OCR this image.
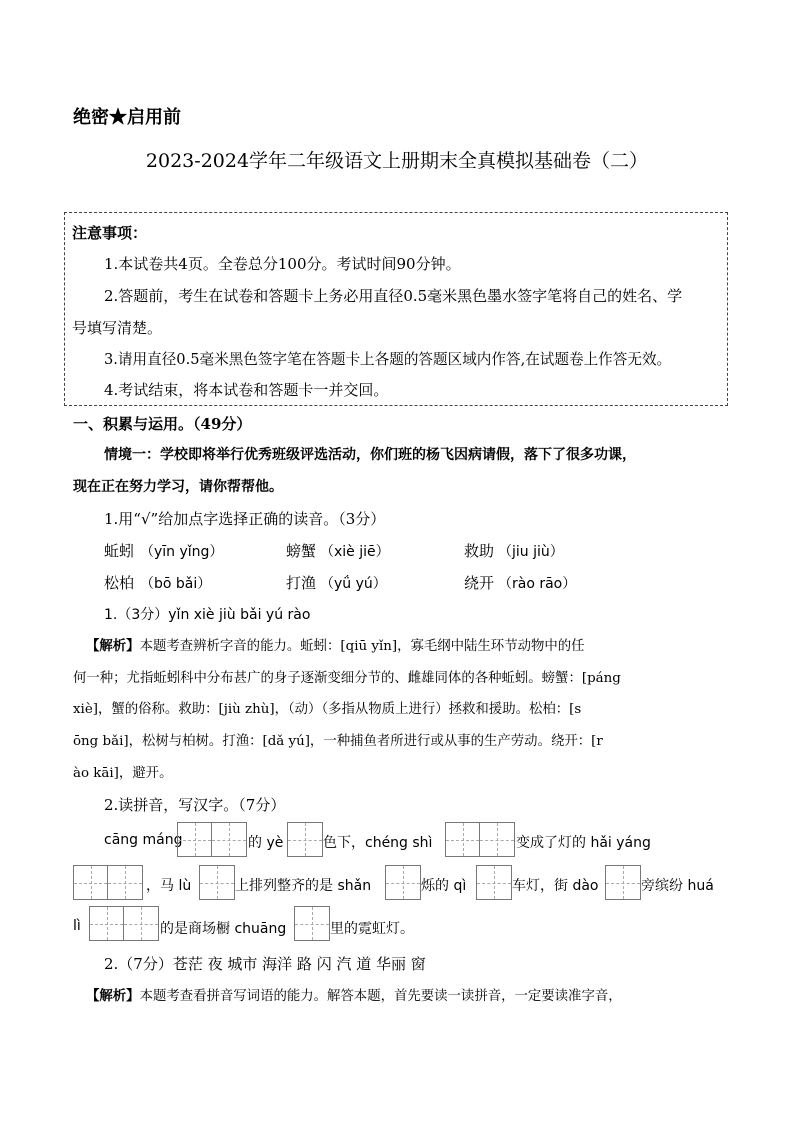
绝密★启用前
2023-2024学年二年级语文上册期末全真模拟基础卷（二）
注意事项：
1.本试卷共4页。全卷总分100分。考试时间90分钟。
2.答题前，考生在试卷和答题卡上务必用直径0.5毫米黑色墨水签字笔将自己的姓名、学
号填写清楚。
3.请用直径0.5毫米黑色签字笔在答题卡上各题的答题区域内作答,在试题卷上作答无效。
4.考试结束，将本试卷和答题卡一并交回。
一、积累与运用。（49分）
情境一：学校即将举行优秀班级评选活动，你们班的杨飞因病请假，落下了很多功课，
现在正在努力学习，请你帮帮他。
1.用“√”给加点字选择正确的读音。（3分）
蚯蚓 （yīn yǐng）	螃蟹 （xiè jiē）	救助 （jiu jiù）
松柏 （bō bǎi）	打渔 （yǘ yú）	绕开 （rào rāo）
1.（3分）yǐn xiè jiù bǎi yú rào
【解析】本题考查辨析字音的能力。蚯蚓：[qiū yǐn]，寡毛纲中陆生环节动物中的任
何一种；尤指蚯蚓科中分布甚广的身子逐渐变细分节的、雌雄同体的各种蚯蚓。螃蟹：[páng
xiè]，蟹的俗称。救助：[jiù zhù]，（动）（多指从物质上进行）拯救和援助。松柏：[s
ōng bǎi]，松树与柏树。打渔：[dǎ yú]，一种捕鱼者所进行或从事的生产劳动。绕开：[r
ào kāi]，避开。
2.读拼音，写汉字。（7分）
cāng máng	的 yè	色下，chéng shì	变成了灯的 hǎi yáng
，马 lù	上排列整齐的是 shǎn	烁的 qì	车灯，街 dào	旁缤纷 huá
lì	的是商场橱 chuāng	里的霓虹灯。
2.（7分）苍茫 夜 城市 海洋 路 闪 汽 道 华丽 窗
【解析】本题考查看拼音写词语的能力。解答本题，首先要读一读拼音，一定要读准字音，
